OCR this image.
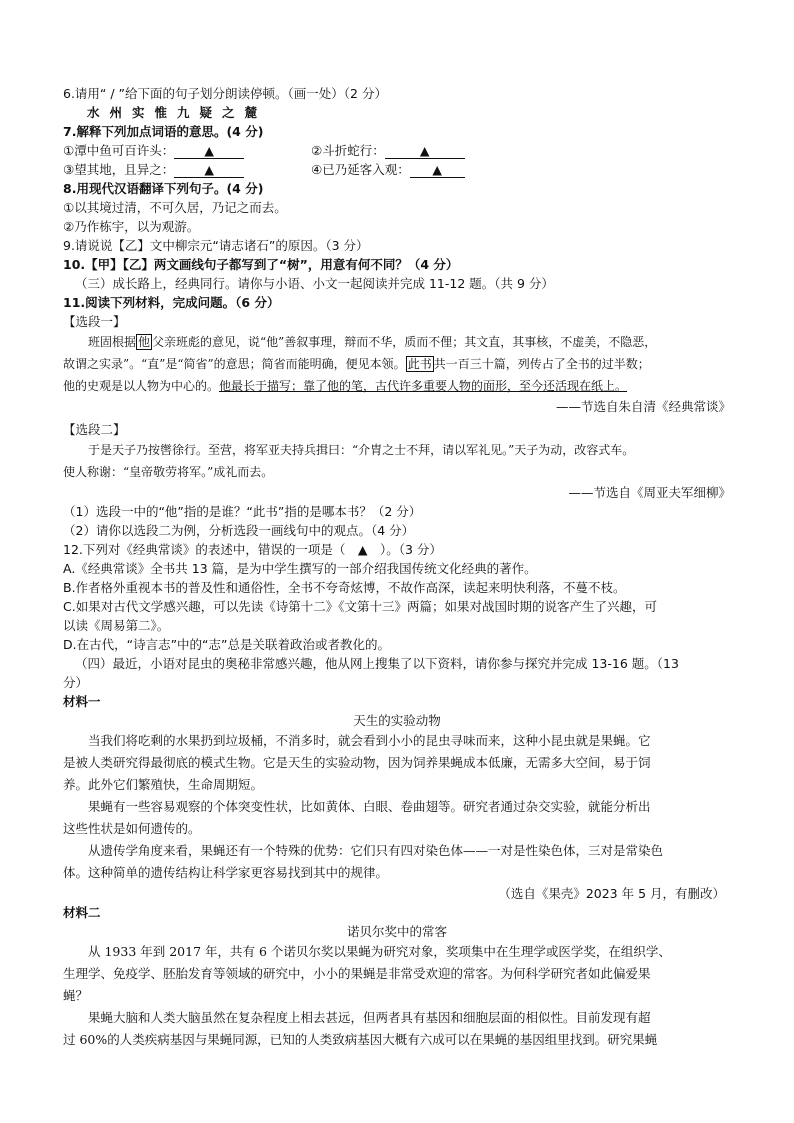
6.请用“ / ”给下面的句子划分朗读停顿。（画一处）（2 分）
水州实惟九疑之麓
7.解释下列加点词语的意思。(4 分)
①潭中鱼可百许头： ▲	②斗折蛇行：	▲
③望其地，且异之： ▲	④已乃延客入观： ▲
8.用现代汉语翻译下列句子。(4 分)
①以其境过清，不可久居，乃记之而去。
②乃作栋宇，以为观游。
9.请说说【乙】文中柳宗元“请志诸石”的原因。（3 分）
10.【甲】【乙】两文画线句子都写到了“树”，用意有何不同？（4 分）
（三）成长路上，经典同行。请你与小语、小文一起阅读并完成 11-12 题。（共 9 分）
11.阅读下列材料，完成问题。（6 分）
【选段一】
班固根据 他 父亲班彪的意见，说“他”善叙事理，辩而不华，质而不俚；其文直，其事核，不虚美，不隐恶，
故谓之实录”。“直”是“简省”的意思；简省而能明确，便见本领。 此书 共一百三十篇，列传占了全书的过半数；
他的史观是以人物为中心的。他最长于描写；靠了他的笔，古代许多重要人物的面形，至今还活现在纸上。
——节选自朱自清《经典常谈》
【选段二】
于是天子乃按辔徐行。至营，将军亚夫持兵揖曰：“介胄之士不拜，请以军礼见。”天子为动，改容式车。
使人称谢：“皇帝敬劳将军。”成礼而去。
——节选自《周亚夫军细柳》
（1）选段一中的“他”指的是谁？“此书”指的是哪本书？（2 分）
（2）请你以选段二为例，分析选段一画线句中的观点。（4 分）
12.下列对《经典常谈》的表述中，错误的一项是（　▲　）。（3 分）
A.《经典常谈》全书共 13 篇，是为中学生撰写的一部介绍我国传统文化经典的著作。
B.作者格外重视本书的普及性和通俗性，全书不夸奇炫博，不故作高深，读起来明快利落，不蔓不枝。
C.如果对古代文学感兴趣，可以先读《诗第十二》《文第十三》两篇；如果对战国时期的说客产生了兴趣，可
以读《周易第二》。
D.在古代，“诗言志”中的“志”总是关联着政治或者教化的。
（四）最近，小语对昆虫的奥秘非常感兴趣，他从网上搜集了以下资料，请你参与探究并完成 13-16 题。（13
分）
材料一
天生的实验动物
当我们将吃剩的水果扔到垃圾桶，不消多时，就会看到小小的昆虫寻味而来，这种小昆虫就是果蝇。它
是被人类研究得最彻底的模式生物。它是天生的实验动物，因为饲养果蝇成本低廉，无需多大空间，易于饲
养。此外它们繁殖快，生命周期短。
果蝇有一些容易观察的个体突变性状，比如黄体、白眼、卷曲翅等。研究者通过杂交实验，就能分析出
这些性状是如何遗传的。
从遗传学角度来看，果蝇还有一个特殊的优势：它们只有四对染色体——一对是性染色体，三对是常染色
体。这种简单的遗传结构让科学家更容易找到其中的规律。
（选自《果壳》2023 年 5 月，有删改）
材料二
诺贝尔奖中的常客
从 1933 年到 2017 年，共有 6 个诺贝尔奖以果蝇为研究对象，奖项集中在生理学或医学奖，在组织学、
生理学、免疫学、胚胎发育等领域的研究中，小小的果蝇是非常受欢迎的常客。为何科学研究者如此偏爱果
蝇？
果蝇大脑和人类大脑虽然在复杂程度上相去甚远，但两者具有基因和细胞层面的相似性。目前发现有超
过 60%的人类疾病基因与果蝇同源，已知的人类致病基因大概有六成可以在果蝇的基因组里找到。研究果蝇
